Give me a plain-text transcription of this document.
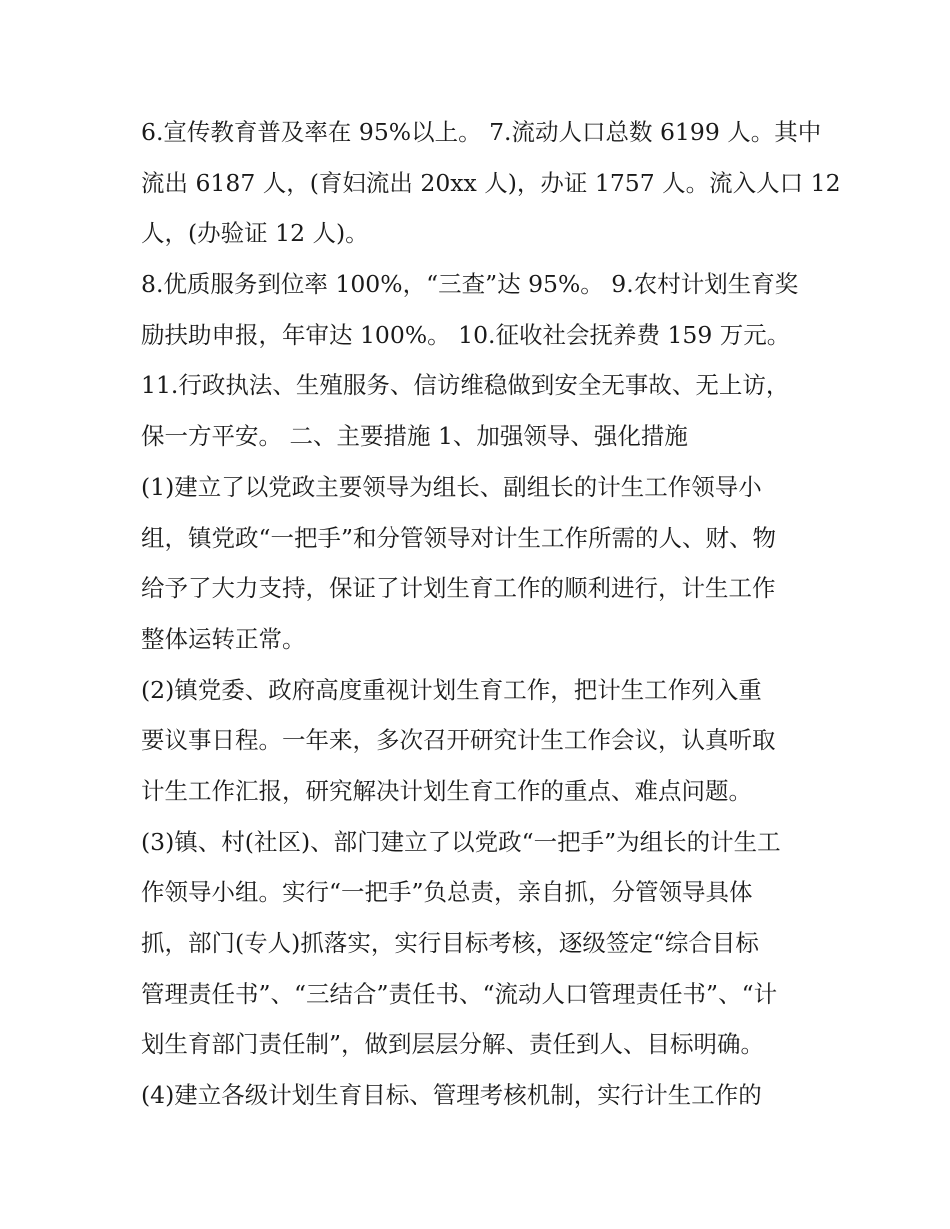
6.宣传教育普及率在 95%以上。 7.流动人口总数 6199 人。其中
流出 6187 人，(育妇流出 20xx 人)，办证 1757 人。流入人口 12
人，(办验证 12 人)。
8.优质服务到位率 100%，“三查”达 95%。 9.农村计划生育奖
励扶助申报，年审达 100%。 10.征收社会抚养费 159 万元。
11.行政执法、生殖服务、信访维稳做到安全无事故、无上访，
保一方平安。 二、主要措施 1、加强领导、强化措施
(1)建立了以党政主要领导为组长、副组长的计生工作领导小
组，镇党政“一把手”和分管领导对计生工作所需的人、财、物
给予了大力支持，保证了计划生育工作的顺利进行，计生工作
整体运转正常。
(2)镇党委、政府高度重视计划生育工作，把计生工作列入重
要议事日程。一年来，多次召开研究计生工作会议，认真听取
计生工作汇报，研究解决计划生育工作的重点、难点问题。
(3)镇、村(社区)、部门建立了以党政“一把手”为组长的计生工
作领导小组。实行“一把手”负总责，亲自抓，分管领导具体
抓，部门(专人)抓落实，实行目标考核，逐级签定“综合目标
管理责任书”、“三结合”责任书、“流动人口管理责任书”、“计
划生育部门责任制”，做到层层分解、责任到人、目标明确。
(4)建立各级计划生育目标、管理考核机制，实行计生工作的
